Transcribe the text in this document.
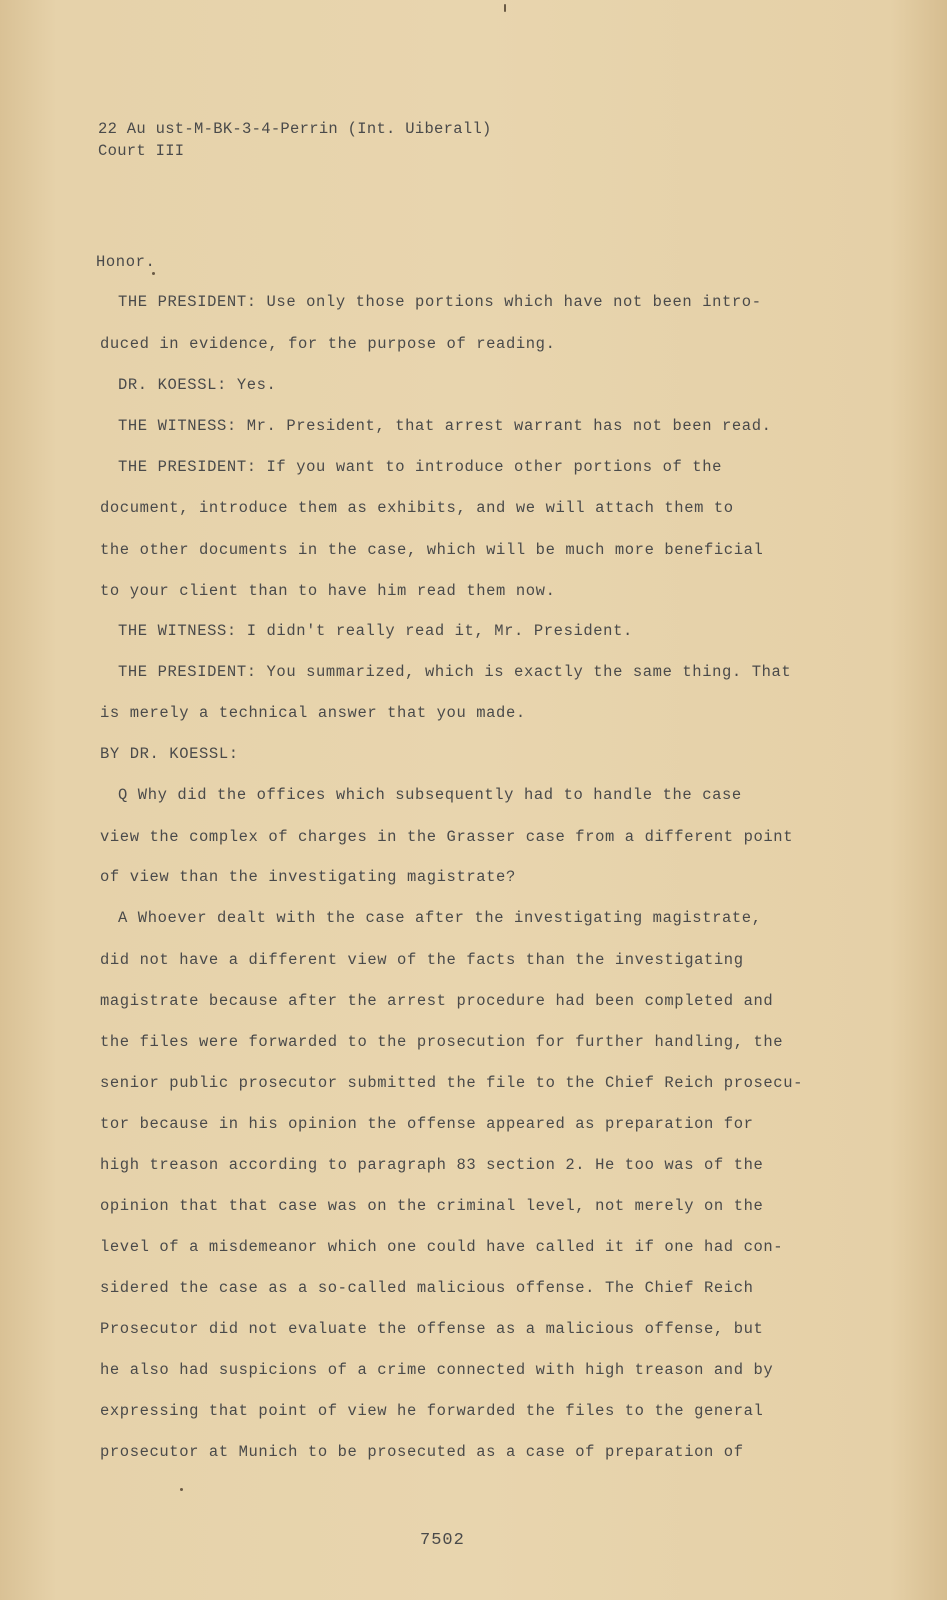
22 Au ust-M-BK-3-4-Perrin (Int. Uiberall)
Court III
Honor.
THE PRESIDENT: Use only those portions which have not been intro-
duced in evidence, for the purpose of reading.
DR. KOESSL: Yes.
THE WITNESS: Mr. President, that arrest warrant has not been read.
THE PRESIDENT: If you want to introduce other portions of the
document, introduce them as exhibits, and we will attach them to
the other documents in the case, which will be much more beneficial
to your client than to have him read them now.
THE WITNESS: I didn't really read it, Mr. President.
THE PRESIDENT: You summarized, which is exactly the same thing. That
is merely a technical answer that you made.
BY DR. KOESSL:
Q Why did the offices which subsequently had to handle the case
view the complex of charges in the Grasser case from a different point
of view than the investigating magistrate?
A Whoever dealt with the case after the investigating magistrate,
did not have a different view of the facts than the investigating
magistrate because after the arrest procedure had been completed and
the files were forwarded to the prosecution for further handling, the
senior public prosecutor submitted the file to the Chief Reich prosecu-
tor because in his opinion the offense appeared as preparation for
high treason according to paragraph 83 section 2. He too was of the
opinion that that case was on the criminal level, not merely on the
level of a misdemeanor which one could have called it if one had con-
sidered the case as a so-called malicious offense. The Chief Reich
Prosecutor did not evaluate the offense as a malicious offense, but
he also had suspicions of a crime connected with high treason and by
expressing that point of view he forwarded the files to the general
prosecutor at Munich to be prosecuted as a case of preparation of
7502
